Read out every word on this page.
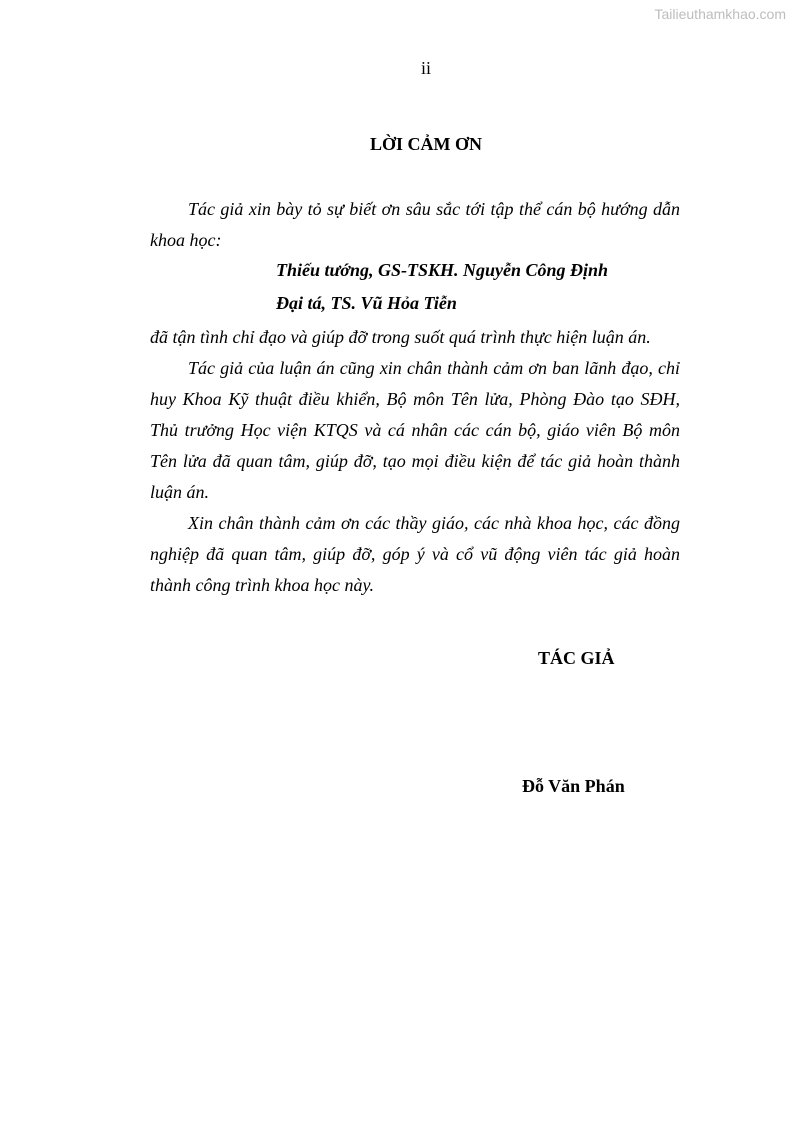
Tailieuthamkhao.com
ii
LỜI CẢM ƠN

Tác giả xin bày tỏ sự biết ơn sâu sắc tới tập thể cán bộ hướng dẫn khoa học:

Thiếu tướng, GS-TSKH. Nguyễn Công Định
Đại tá, TS. Vũ Hỏa Tiễn

đã tận tình chỉ đạo và giúp đỡ trong suốt quá trình thực hiện luận án.

Tác giả của luận án cũng xin chân thành cảm ơn ban lãnh đạo, chỉ huy Khoa Kỹ thuật điều khiển, Bộ môn Tên lửa, Phòng Đào tạo SĐH, Thủ trưởng Học viện KTQS và cá nhân các cán bộ, giáo viên Bộ môn Tên lửa đã quan tâm, giúp đỡ, tạo mọi điều kiện để tác giả hoàn thành luận án.

Xin chân thành cảm ơn các thầy giáo, các nhà khoa học, các đồng nghiệp đã quan tâm, giúp đỡ, góp ý và cổ vũ động viên tác giả hoàn thành công trình khoa học này.

TÁC GIẢ
Đỗ Văn Phán
